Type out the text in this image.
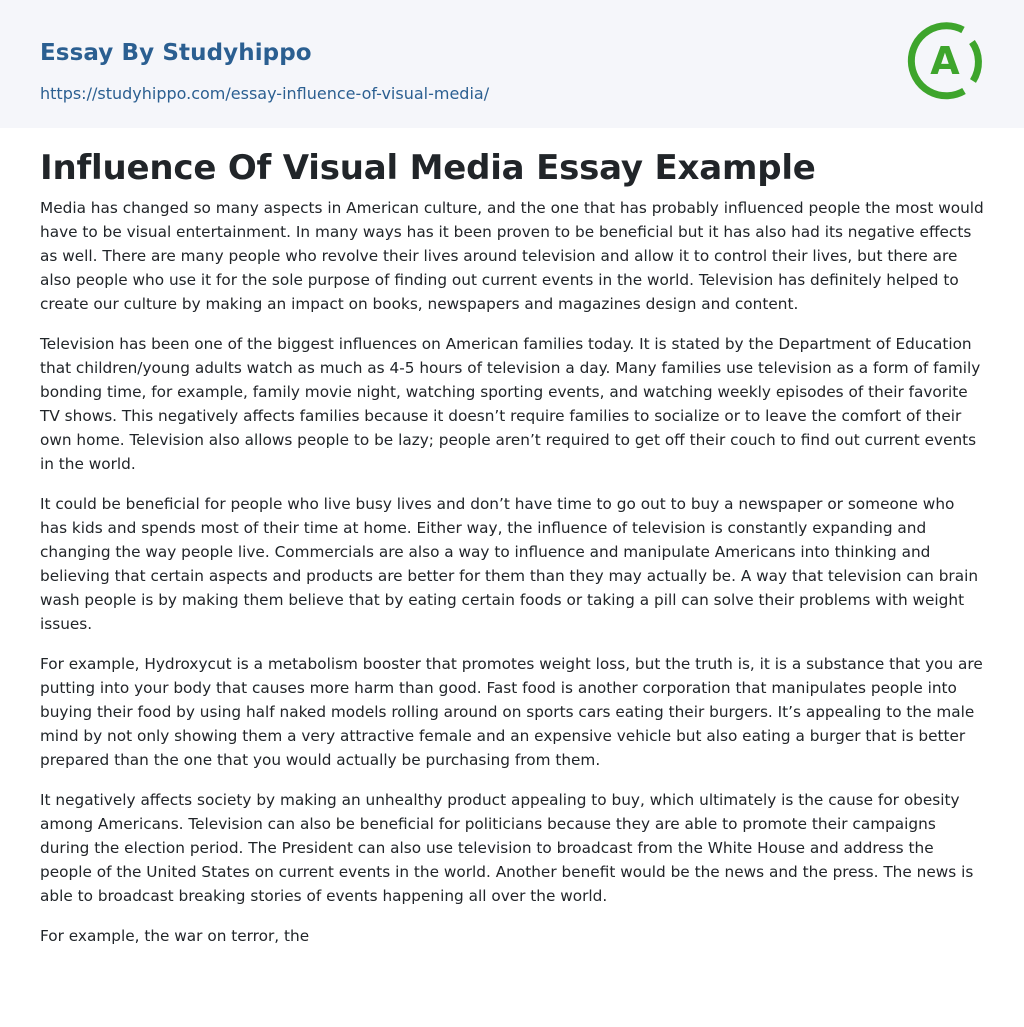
Essay By Studyhippo
https://studyhippo.com/essay-influence-of-visual-media/
A
Influence Of Visual Media Essay Example

Media has changed so many aspects in American culture, and the one that has probably influenced people the most would have to be visual entertainment. In many ways has it been proven to be beneficial but it has also had its negative effects as well. There are many people who revolve their lives around television and allow it to control their lives, but there are also people who use it for the sole purpose of finding out current events in the world. Television has definitely helped to create our culture by making an impact on books, newspapers and magazines design and content.

Television has been one of the biggest influences on American families today. It is stated by the Department of Education that children/young adults watch as much as 4-5 hours of television a day. Many families use television as a form of family bonding time, for example, family movie night, watching sporting events, and watching weekly episodes of their favorite TV shows. This negatively affects families because it doesn’t require families to socialize or to leave the comfort of their own home. Television also allows people to be lazy; people aren’t required to get off their couch to find out current events in the world.

It could be beneficial for people who live busy lives and don’t have time to go out to buy a newspaper or someone who has kids and spends most of their time at home. Either way, the influence of television is constantly expanding and changing the way people live. Commercials are also a way to influence and manipulate Americans into thinking and believing that certain aspects and products are better for them than they may actually be. A way that television can brain wash people is by making them believe that by eating certain foods or taking a pill can solve their problems with weight issues.

For example, Hydroxycut is a metabolism booster that promotes weight loss, but the truth is, it is a substance that you are putting into your body that causes more harm than good. Fast food is another corporation that manipulates people into buying their food by using half naked models rolling around on sports cars eating their burgers. It’s appealing to the male mind by not only showing them a very attractive female and an expensive vehicle but also eating a burger that is better prepared than the one that you would actually be purchasing from them.

It negatively affects society by making an unhealthy product appealing to buy, which ultimately is the cause for obesity among Americans. Television can also be beneficial for politicians because they are able to promote their campaigns during the election period. The President can also use television to broadcast from the White House and address the people of the United States on current events in the world. Another benefit would be the news and the press. The news is able to broadcast breaking stories of events happening all over the world.

For example, the war on terror, the
